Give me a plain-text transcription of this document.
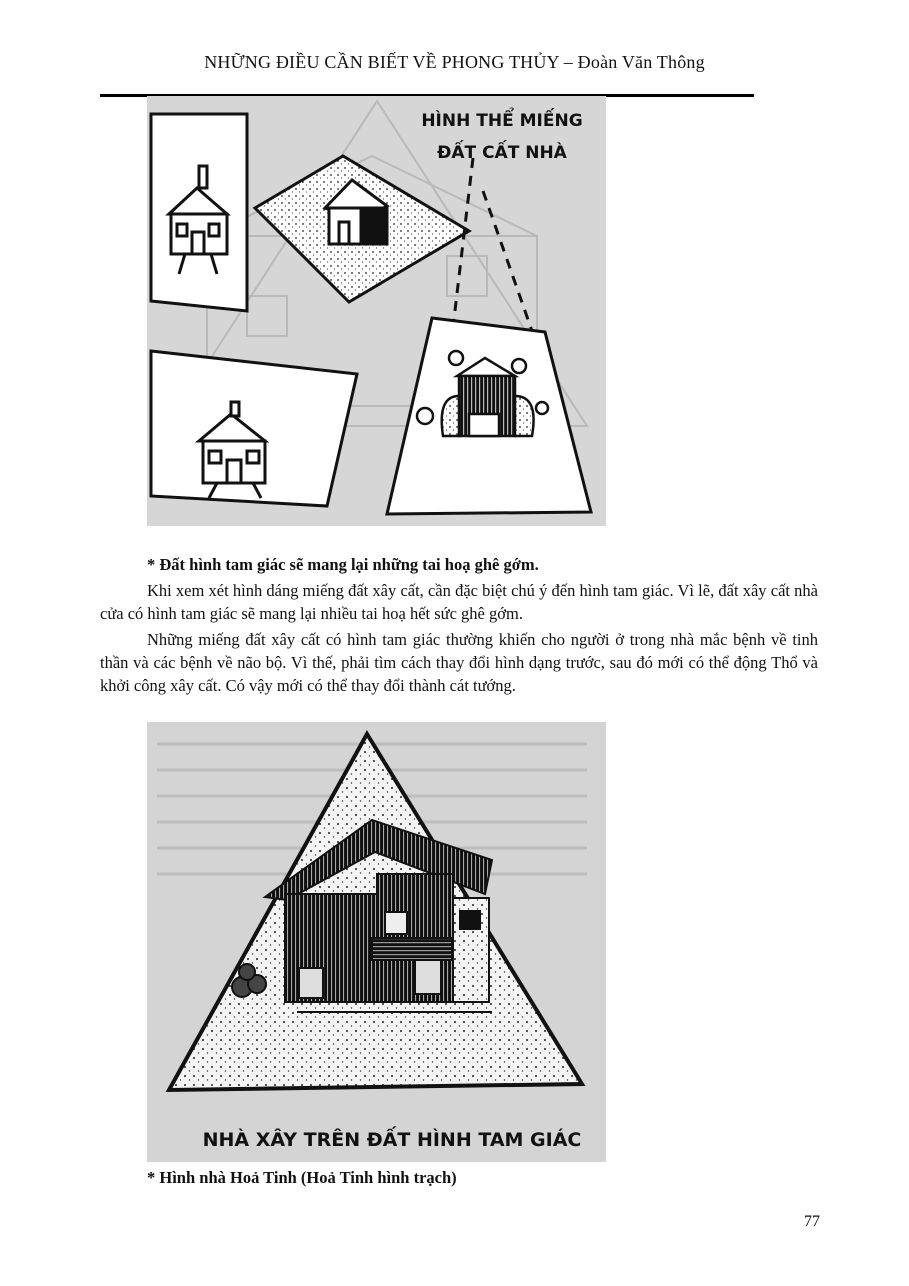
NHỮNG ĐIỀU CẦN BIẾT VỀ PHONG THỦY – Đoàn Văn Thông
HÌNH THỂ MIẾNG
ĐẤT CẤT NHÀ
* Đất hình tam giác sẽ mang lại những tai hoạ ghê gớm.

Khi xem xét hình dáng miếng đất xây cất, cần đặc biệt chú ý đến hình tam giác. Vì lẽ, đất xây cất nhà cửa có hình tam giác sẽ mang lại nhiều tai hoạ hết sức ghê gớm.

Những miếng đất xây cất có hình tam giác thường khiến cho người ở trong nhà mắc bệnh về tinh thần và các bệnh về não bộ. Vì thế, phải tìm cách thay đổi hình dạng trước, sau đó mới có thể động Thổ và khởi công xây cất. Có vậy mới có thể thay đổi thành cát tướng.

NHÀ XÂY TRÊN ĐẤT HÌNH TAM GIÁC
* Hình nhà Hoả Tinh (Hoả Tinh hình trạch)
77
